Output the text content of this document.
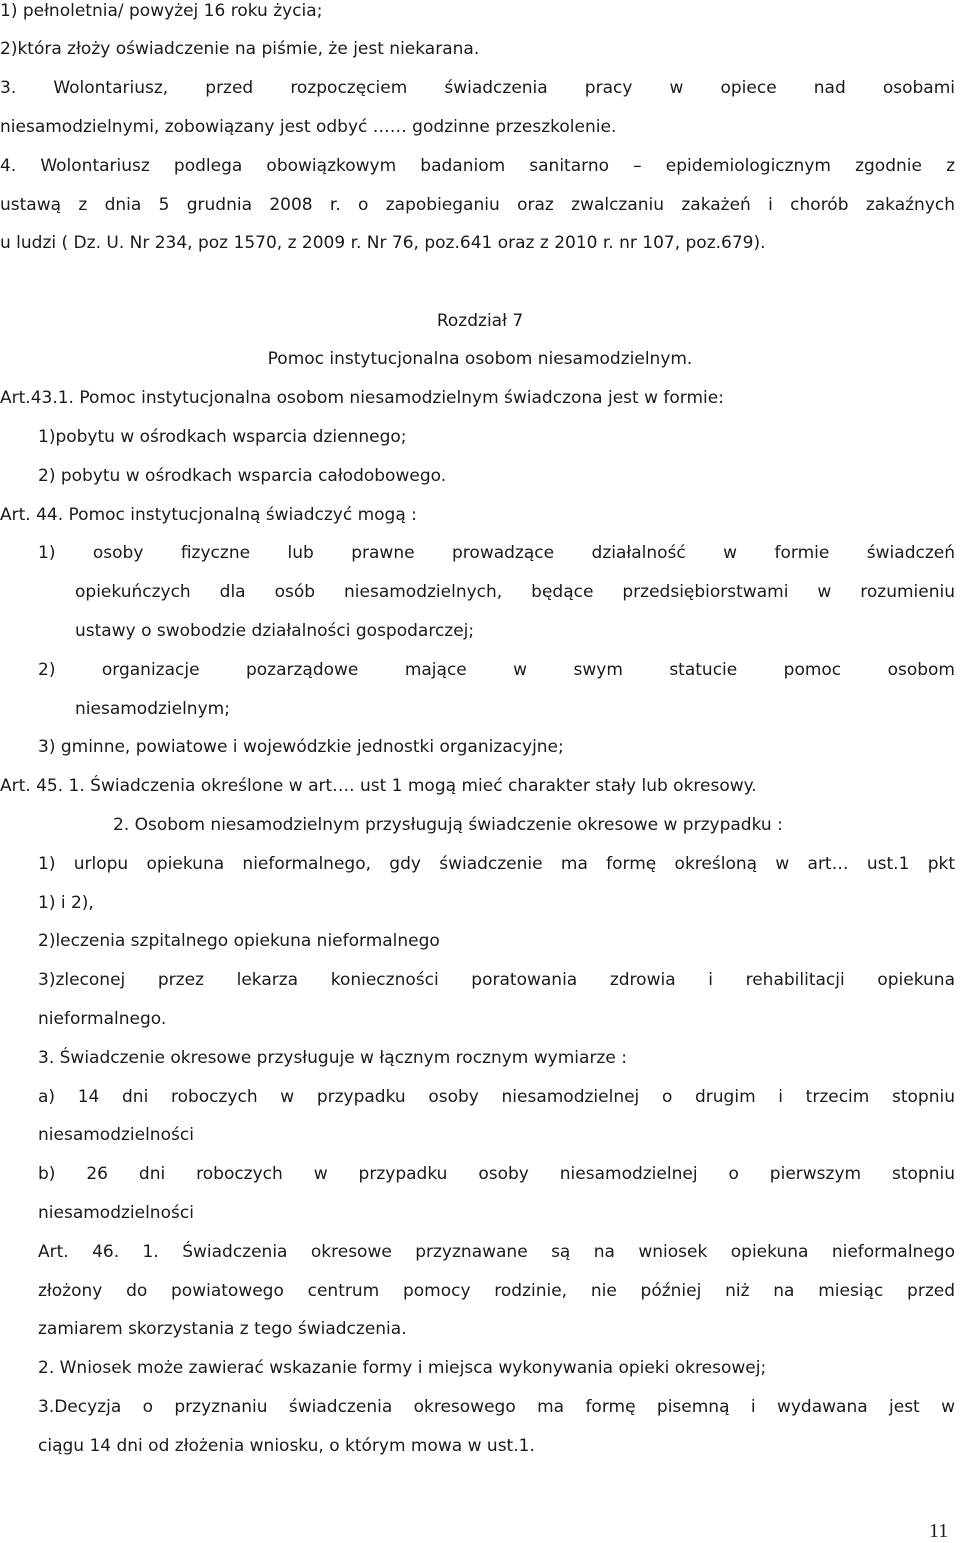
1) pełnoletnia/ powyżej 16 roku życia;

2)która złoży oświadczenie na piśmie, że jest niekarana.

3. Wolontariusz, przed rozpoczęciem świadczenia pracy w opiece nad osobami

niesamodzielnymi, zobowiązany jest odbyć …… godzinne przeszkolenie.

4. Wolontariusz podlega obowiązkowym badaniom sanitarno – epidemiologicznym zgodnie z

ustawą z dnia 5 grudnia 2008 r. o zapobieganiu oraz zwalczaniu zakażeń i chorób zakaźnych

u ludzi ( Dz. U. Nr 234, poz 1570, z 2009 r. Nr 76, poz.641 oraz z 2010 r. nr 107, poz.679).

Rozdział 7

Pomoc instytucjonalna osobom niesamodzielnym.

Art.43.1. Pomoc instytucjonalna osobom niesamodzielnym świadczona jest w formie:

1)pobytu w ośrodkach wsparcia dziennego;

2) pobytu w ośrodkach wsparcia całodobowego.

Art. 44. Pomoc instytucjonalną świadczyć mogą :

1) osoby fizyczne lub prawne prowadzące działalność w formie świadczeń

opiekuńczych dla osób niesamodzielnych, będące przedsiębiorstwami w rozumieniu

ustawy o swobodzie działalności gospodarczej;

2) organizacje pozarządowe mające w swym statucie pomoc osobom

niesamodzielnym;

3) gminne, powiatowe i wojewódzkie jednostki organizacyjne;

Art. 45. 1. Świadczenia określone w art…. ust 1 mogą mieć charakter stały lub okresowy.

2. Osobom niesamodzielnym przysługują świadczenie okresowe w przypadku :

1) urlopu opiekuna nieformalnego, gdy świadczenie ma formę określoną w art… ust.1 pkt

1) i 2),

2)leczenia szpitalnego opiekuna nieformalnego

3)zleconej przez lekarza konieczności poratowania zdrowia i rehabilitacji opiekuna

nieformalnego.

3. Świadczenie okresowe przysługuje w łącznym rocznym wymiarze :

a) 14 dni roboczych w przypadku osoby niesamodzielnej o drugim i trzecim stopniu

niesamodzielności

b) 26 dni roboczych w przypadku osoby niesamodzielnej o pierwszym stopniu

niesamodzielności

Art. 46. 1. Świadczenia okresowe przyznawane są na wniosek opiekuna nieformalnego

złożony do powiatowego centrum pomocy rodzinie, nie później niż na miesiąc przed

zamiarem skorzystania z tego świadczenia.

2. Wniosek może zawierać wskazanie formy i miejsca wykonywania opieki okresowej;

3.Decyzja o przyznaniu świadczenia okresowego ma formę pisemną i wydawana jest w

ciągu 14 dni od złożenia wniosku, o którym mowa w ust.1.

11
